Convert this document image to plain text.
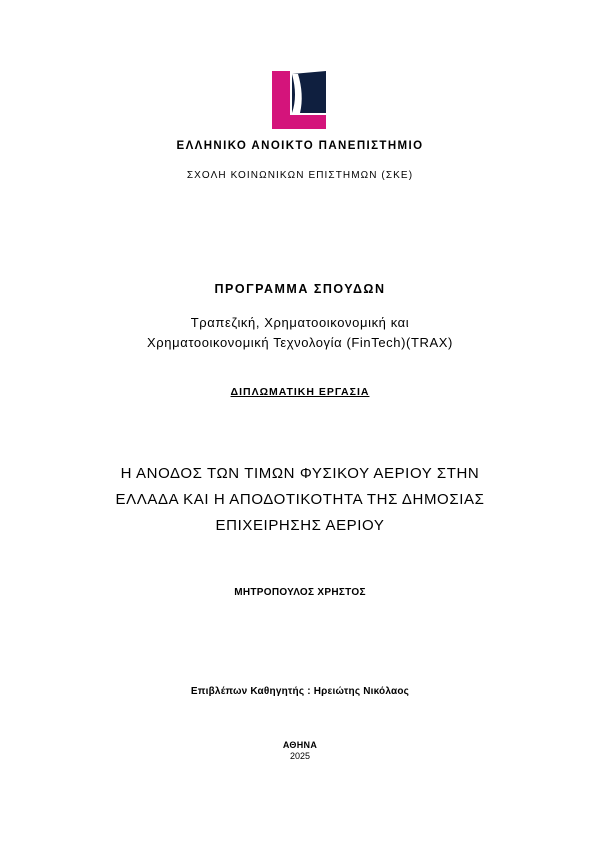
ΕΛΛΗΝΙΚΟ ΑΝΟΙΚΤΟ ΠΑΝΕΠΙΣΤΗΜΙΟ
ΣΧΟΛΗ ΚΟΙΝΩΝΙΚΩΝ ΕΠΙΣΤΗΜΩΝ (ΣΚΕ)
ΠΡΟΓΡΑΜΜΑ ΣΠΟΥΔΩΝ
Τραπεζική, Χρηματοοικονομική και
Χρηματοοικονομική Τεχνολογία (FinTech)(TRAX)
ΔΙΠΛΩΜΑΤΙΚΗ ΕΡΓΑΣΙΑ
Η ΑΝΟΔΟΣ ΤΩΝ ΤΙΜΩΝ ΦΥΣΙΚΟΥ ΑΕΡΙΟΥ ΣΤΗΝ
ΕΛΛΑΔΑ ΚΑΙ Η ΑΠΟΔΟΤΙΚΟΤΗΤΑ ΤΗΣ ΔΗΜΟΣΙΑΣ
ΕΠΙΧΕΙΡΗΣΗΣ ΑΕΡΙΟΥ
ΜΗΤΡΟΠΟΥΛΟΣ ΧΡΗΣΤΟΣ
Επιβλέπων Καθηγητής : Ηρειώτης Νικόλαος
ΑΘΗΝΑ
2025
